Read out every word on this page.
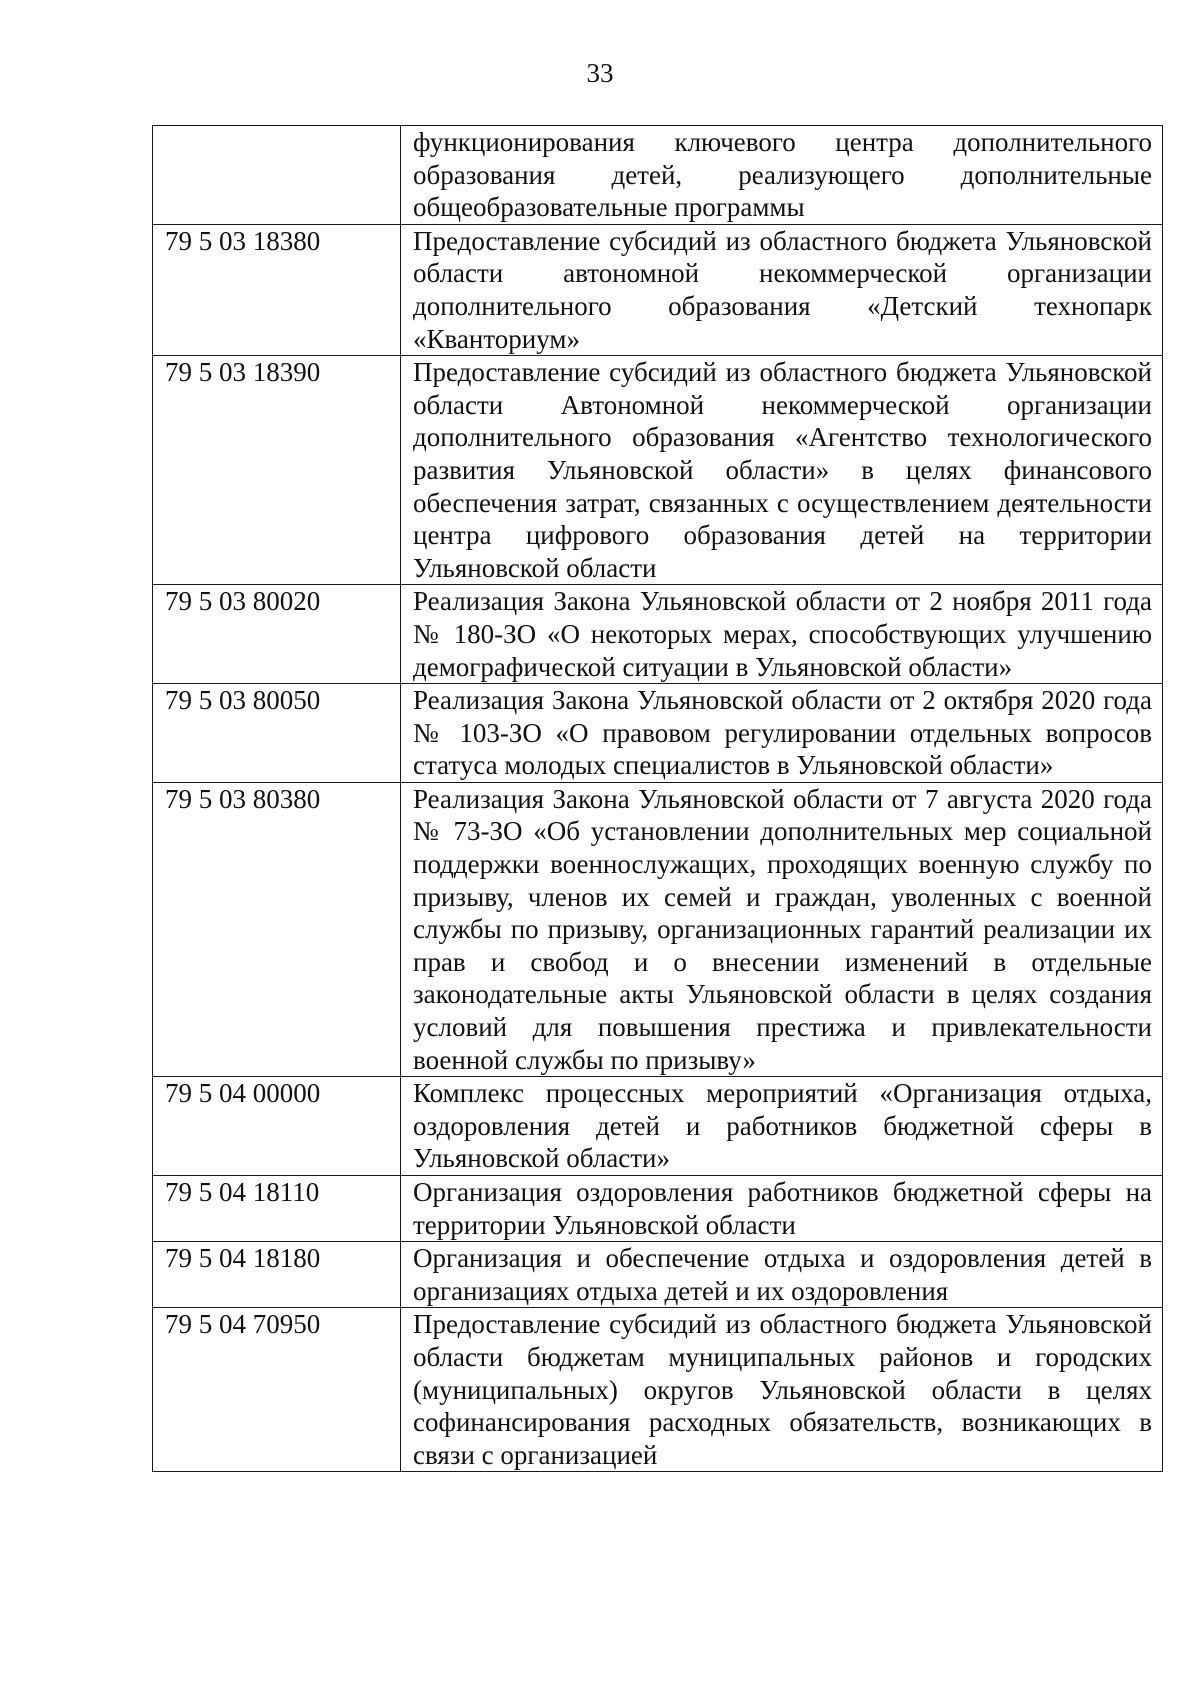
33
	функционирования ключевого центра дополнительного образования детей, реализующего дополнительные общеобразовательные программы
79 5 03 18380	Предоставление субсидий из областного бюджета Ульяновской области автономной некоммерческой организации дополнительного образования «Детский технопарк «Кванториум»
79 5 03 18390	Предоставление субсидий из областного бюджета Ульяновской области Автономной некоммерческой организации дополнительного образования «Агентство технологического развития Ульяновской области» в целях финансового обеспечения затрат, связанных с осуществлением деятельности центра цифрового образования детей на территории Ульяновской области
79 5 03 80020	Реализация Закона Ульяновской области от 2 ноября 2011 года № 180-ЗО «О некоторых мерах, способствующих улучшению демографической ситуации в Ульяновской области»
79 5 03 80050	Реализация Закона Ульяновской области от 2 октября 2020 года № 103-ЗО «О правовом регулировании отдельных вопросов статуса молодых специалистов в Ульяновской области»
79 5 03 80380	Реализация Закона Ульяновской области от 7 августа 2020 года № 73-ЗО «Об установлении дополнительных мер социальной поддержки военнослужащих, проходящих военную службу по призыву, членов их семей и граждан, уволенных с военной службы по призыву, организационных гарантий реализации их прав и свобод и о внесении изменений в отдельные законодательные акты Ульяновской области в целях создания условий для повышения престижа и привлекательности военной службы по призыву»
79 5 04 00000	Комплекс процессных мероприятий «Организация отдыха, оздоровления детей и работников бюджетной сферы в Ульяновской области»
79 5 04 18110	Организация оздоровления работников бюджетной сферы на территории Ульяновской области
79 5 04 18180	Организация и обеспечение отдыха и оздоровления детей в организациях отдыха детей и их оздоровления
79 5 04 70950	Предоставление субсидий из областного бюджета Ульяновской области бюджетам муниципальных районов и городских (муниципальных) округов Ульяновской области в целях софинансирования расходных обязательств, возникающих в связи с организацией
